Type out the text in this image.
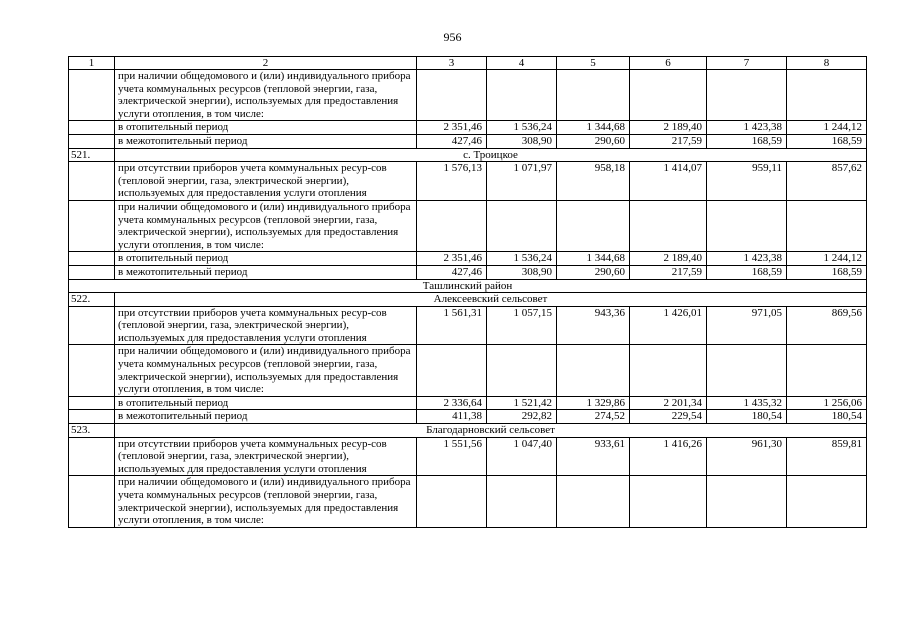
956
1	2	3	4	5	6	7	8
	при наличии общедомового и (или) индивидуального прибора учета коммунальных ресурсов (тепловой энергии, газа, электрической энергии), используемых для предоставления услуги отопления, в том числе:						
	в отопительный период	2 351,46	1 536,24	1 344,68	2 189,40	1 423,38	1 244,12
	в межотопительный период	427,46	308,90	290,60	217,59	168,59	168,59
521.	с. Троицкое						
	при отсутствии приборов учета коммунальных ресур-сов (тепловой энергии, газа, электрической энергии), используемых для предоставления услуги отопления	1 576,13	1 071,97	958,18	1 414,07	959,11	857,62
	при наличии общедомового и (или) индивидуального прибора учета коммунальных ресурсов (тепловой энергии, газа, электрической энергии), используемых для предоставления услуги отопления, в том числе:						
	в отопительный период	2 351,46	1 536,24	1 344,68	2 189,40	1 423,38	1 244,12
	в межотопительный период	427,46	308,90	290,60	217,59	168,59	168,59
Ташлинский район							
522.	Алексеевский сельсовет						
	при отсутствии приборов учета коммунальных ресур-сов (тепловой энергии, газа, электрической энергии), используемых для предоставления услуги отопления	1 561,31	1 057,15	943,36	1 426,01	971,05	869,56
	при наличии общедомового и (или) индивидуального прибора учета коммунальных ресурсов (тепловой энергии, газа, электрической энергии), используемых для предоставления услуги отопления, в том числе:						
	в отопительный период	2 336,64	1 521,42	1 329,86	2 201,34	1 435,32	1 256,06
	в межотопительный период	411,38	292,82	274,52	229,54	180,54	180,54
523.	Благодарновский сельсовет						
	при отсутствии приборов учета коммунальных ресур-сов (тепловой энергии, газа, электрической энергии), используемых для предоставления услуги отопления	1 551,56	1 047,40	933,61	1 416,26	961,30	859,81
	при наличии общедомового и (или) индивидуального прибора учета коммунальных ресурсов (тепловой энергии, газа, электрической энергии), используемых для предоставления услуги отопления, в том числе:						
